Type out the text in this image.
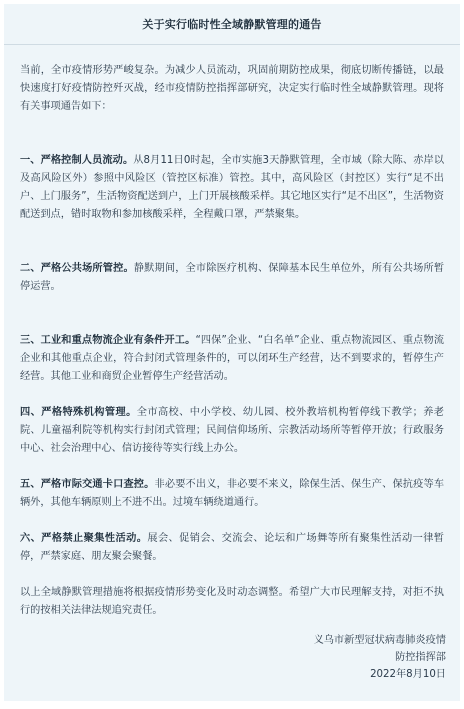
关于实行临时性全域静默管理的通告

当前，全市疫情形势严峻复杂。为减少人员流动，巩固前期防控成果，彻底切断传播链，以最快速度打好疫情防控歼灭战，经市疫情防控指挥部研究，决定实行临时性全域静默管理。现将有关事项通告如下：

一、严格控制人员流动。从8月11日0时起，全市实施3天静默管理，全市域（除大陈、赤岸以及高风险区外）参照中风险区（管控区标准）管控。其中，高风险区（封控区）实行“足不出户、上门服务”，生活物资配送到户，上门开展核酸采样。其它地区实行“足不出区”，生活物资配送到点，错时取物和参加核酸采样，全程戴口罩，严禁聚集。

二、严格公共场所管控。静默期间，全市除医疗机构、保障基本民生单位外，所有公共场所暂停运营。

三、工业和重点物流企业有条件开工。“四保”企业、“白名单”企业、重点物流园区、重点物流企业和其他重点企业，符合封闭式管理条件的，可以闭环生产经营，达不到要求的，暂停生产经营。其他工业和商贸企业暂停生产经营活动。

四、严格特殊机构管理。全市高校、中小学校、幼儿园、校外教培机构暂停线下教学；养老院、儿童福利院等机构实行封闭式管理；民间信仰场所、宗教活动场所等暂停开放；行政服务中心、社会治理中心、信访接待等实行线上办公。

五、严格市际交通卡口查控。非必要不出义，非必要不来义，除保生活、保生产、保抗疫等车辆外，其他车辆原则上不进不出。过境车辆绕道通行。

六、严格禁止聚集性活动。展会、促销会、交流会、论坛和广场舞等所有聚集性活动一律暂停，严禁家庭、朋友聚会聚餐。

以上全域静默管理措施将根据疫情形势变化及时动态调整。希望广大市民理解支持，对拒不执行的按相关法律法规追究责任。

义乌市新型冠状病毒肺炎疫情
防控指挥部
2022年8月10日
